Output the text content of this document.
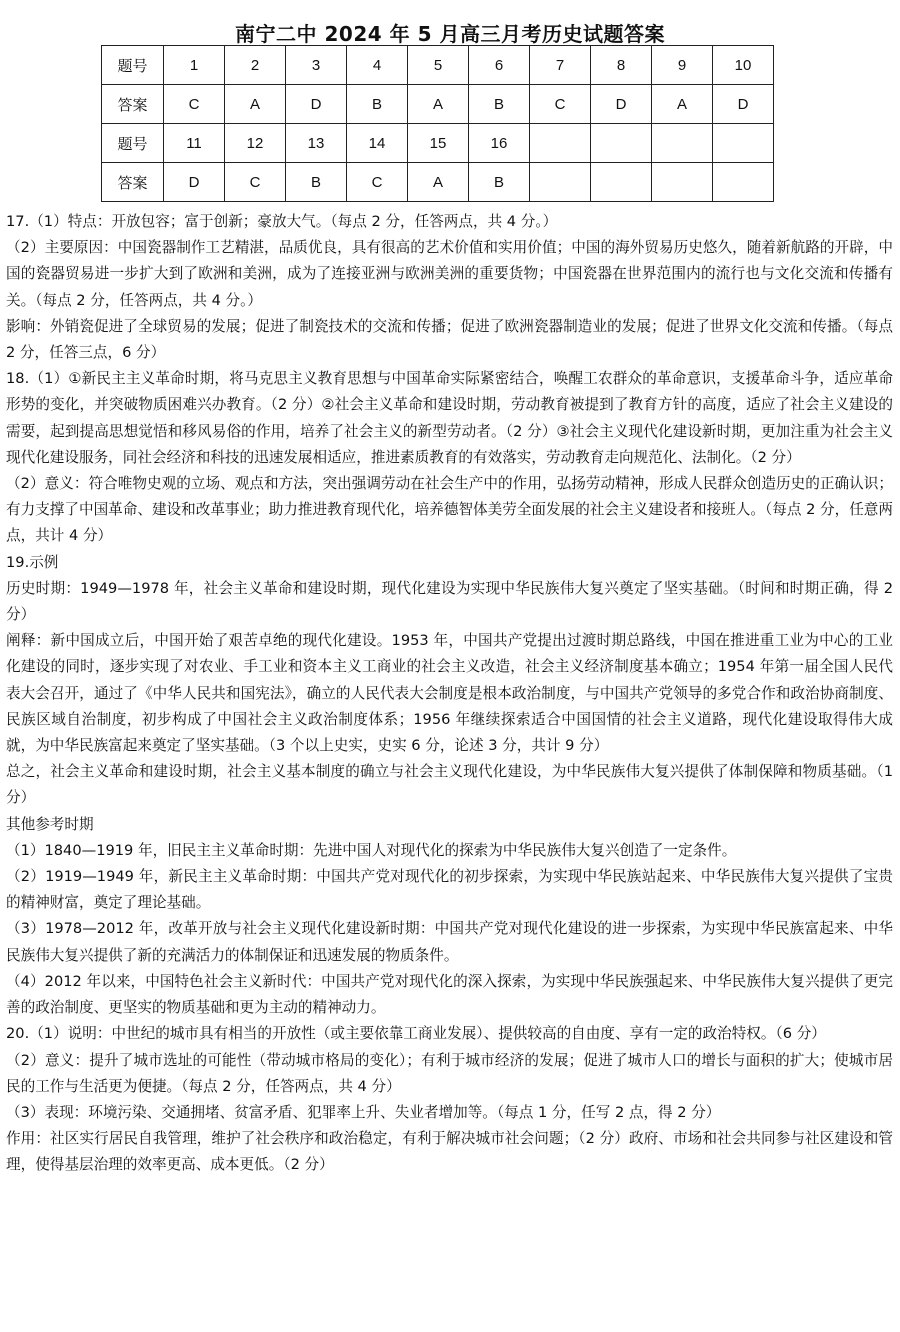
南宁二中 2024 年 5 月高三月考历史试题答案
题号	1	2	3	4	5	6	7	8	9	10
答案	C	A	D	B	A	B	C	D	A	D
题号	11	12	13	14	15	16				
答案	D	C	B	C	A	B				

17.（1）特点：开放包容；富于创新；豪放大气。（每点 2 分，任答两点，共 4 分。）

（2）主要原因：中国瓷器制作工艺精湛，品质优良，具有很高的艺术价值和实用价值；中国的海外贸易历史悠久，随着新航路的开辟，中国的瓷器贸易进一步扩大到了欧洲和美洲，成为了连接亚洲与欧洲美洲的重要货物；中国瓷器在世界范围内的流行也与文化交流和传播有关。（每点 2 分，任答两点，共 4 分。）

影响：外销瓷促进了全球贸易的发展；促进了制瓷技术的交流和传播；促进了欧洲瓷器制造业的发展；促进了世界文化交流和传播。（每点 2 分，任答三点，6 分）

18.（1）①新民主主义革命时期，将马克思主义教育思想与中国革命实际紧密结合，唤醒工农群众的革命意识，支援革命斗争，适应革命形势的变化，并突破物质困难兴办教育。（2 分）②社会主义革命和建设时期，劳动教育被提到了教育方针的高度，适应了社会主义建设的需要，起到提高思想觉悟和移风易俗的作用，培养了社会主义的新型劳动者。（2 分）③社会主义现代化建设新时期，更加注重为社会主义现代化建设服务，同社会经济和科技的迅速发展相适应，推进素质教育的有效落实，劳动教育走向规范化、法制化。（2 分）

（2）意义：符合唯物史观的立场、观点和方法，突出强调劳动在社会生产中的作用，弘扬劳动精神，形成人民群众创造历史的正确认识；有力支撑了中国革命、建设和改革事业；助力推进教育现代化，培养德智体美劳全面发展的社会主义建设者和接班人。（每点 2 分，任意两点，共计 4 分）

19.示例

历史时期：1949—1978 年，社会主义革命和建设时期，现代化建设为实现中华民族伟大复兴奠定了坚实基础。（时间和时期正确，得 2 分）

阐释：新中国成立后，中国开始了艰苦卓绝的现代化建设。1953 年，中国共产党提出过渡时期总路线，中国在推进重工业为中心的工业化建设的同时，逐步实现了对农业、手工业和资本主义工商业的社会主义改造，社会主义经济制度基本确立；1954 年第一届全国人民代表大会召开，通过了《中华人民共和国宪法》，确立的人民代表大会制度是根本政治制度，与中国共产党领导的多党合作和政治协商制度、民族区域自治制度，初步构成了中国社会主义政治制度体系；1956 年继续探索适合中国国情的社会主义道路，现代化建设取得伟大成就，为中华民族富起来奠定了坚实基础。（3 个以上史实，史实 6 分，论述 3 分，共计 9 分）

总之，社会主义革命和建设时期，社会主义基本制度的确立与社会主义现代化建设，为中华民族伟大复兴提供了体制保障和物质基础。（1 分）

其他参考时期

（1）1840—1919 年，旧民主主义革命时期：先进中国人对现代化的探索为中华民族伟大复兴创造了一定条件。

（2）1919—1949 年，新民主主义革命时期：中国共产党对现代化的初步探索，为实现中华民族站起来、中华民族伟大复兴提供了宝贵的精神财富，奠定了理论基础。

（3）1978—2012 年，改革开放与社会主义现代化建设新时期：中国共产党对现代化建设的进一步探索，为实现中华民族富起来、中华民族伟大复兴提供了新的充满活力的体制保证和迅速发展的物质条件。

（4）2012 年以来，中国特色社会主义新时代：中国共产党对现代化的深入探索，为实现中华民族强起来、中华民族伟大复兴提供了更完善的政治制度、更坚实的物质基础和更为主动的精神动力。

20.（1）说明：中世纪的城市具有相当的开放性（或主要依靠工商业发展）、提供较高的自由度、享有一定的政治特权。（6 分）

（2）意义：提升了城市选址的可能性（带动城市格局的变化）；有利于城市经济的发展；促进了城市人口的增长与面积的扩大；使城市居民的工作与生活更为便捷。（每点 2 分，任答两点，共 4 分）

（3）表现：环境污染、交通拥堵、贫富矛盾、犯罪率上升、失业者增加等。（每点 1 分，任写 2 点，得 2 分）

作用：社区实行居民自我管理，维护了社会秩序和政治稳定，有利于解决城市社会问题；（2 分）政府、市场和社会共同参与社区建设和管理，使得基层治理的效率更高、成本更低。（2 分）
